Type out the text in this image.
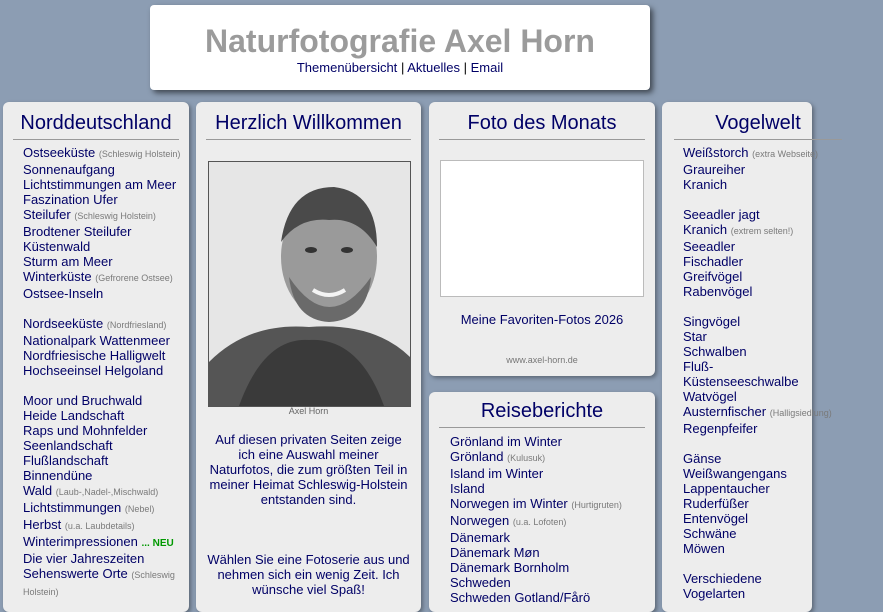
Naturfotografie Axel Horn
Themenübersicht | Aktuelles | Email
Norddeutschland
Ostseeküste (Schleswig Holstein)
Sonnenaufgang
Lichtstimmungen am Meer
Faszination Ufer
Steilufer (Schleswig Holstein)
Brodtener Steilufer
Küstenwald
Sturm am Meer
Winterküste (Gefrorene Ostsee)
Ostsee-Inseln
Nordseeküste (Nordfriesland)
Nationalpark Wattenmeer
Nordfriesische Halligwelt
Hochseeinsel Helgoland
Moor und Bruchwald
Heide Landschaft
Raps und Mohnfelder
Seenlandschaft
Flußlandschaft
Binnendüne
Wald (Laub-,Nadel-,Mischwald)
Lichtstimmungen (Nebel)
Herbst (u.a. Laubdetails)
Winterimpressionen ... NEU
Die vier Jahreszeiten
Sehenswerte Orte (Schleswig Holstein)
Herzlich Willkommen
Axel Horn
Auf diesen privaten Seiten zeige ich eine Auswahl meiner Naturfotos, die zum größten Teil in meiner Heimat Schleswig-Holstein entstanden sind.
Wählen Sie eine Fotoserie aus und nehmen sich ein wenig Zeit. Ich wünsche viel Spaß!
Foto des Monats
Meine Favoriten-Fotos 2026
www.axel-horn.de
Reiseberichte
Grönland im Winter
Grönland (Kulusuk)
Island im Winter
Island
Norwegen im Winter (Hurtigruten)
Norwegen (u.a. Lofoten)
Dänemark
Dänemark Møn
Dänemark Bornholm
Schweden
Schweden Gotland/Fårö
Vogelwelt
Weißstorch (extra Webseite)
Graureiher
Kranich
Seeadler jagt
Kranich (extrem selten!)
Seeadler
Fischadler
Greifvögel
Rabenvögel
Singvögel
Star
Schwalben
Fluß-
Küstenseeschwalbe
Watvögel
Austernfischer (Halligsiedlung)
Regenpfeifer
Gänse
Weißwangengans
Lappentaucher
Ruderfüßer
Entenvögel
Schwäne
Möwen
Verschiedene
Vogelarten
